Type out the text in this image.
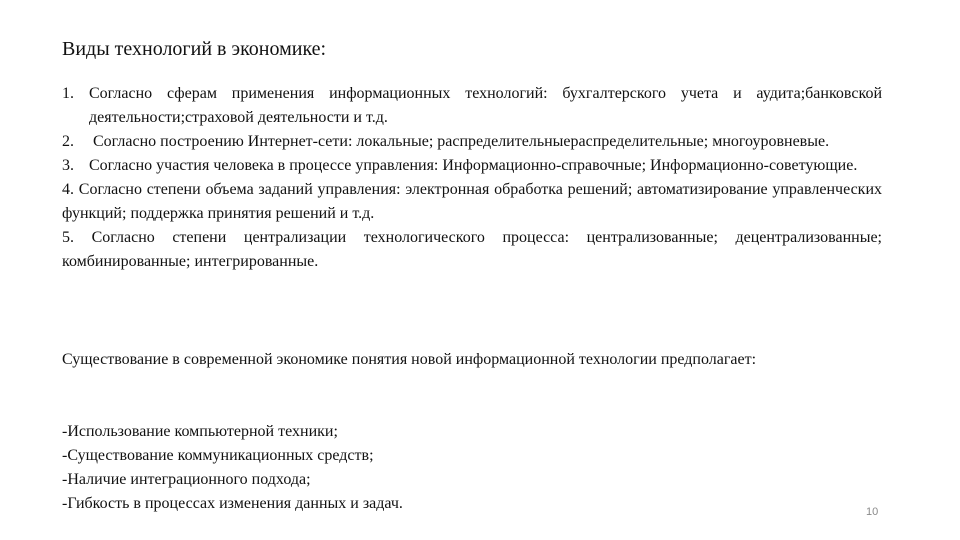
Виды технологий в экономике:

1. Согласно сферам применения информационных технологий: бухгалтерского учета и аудита;банковской деятельности;страховой деятельности и т.д.

2. Согласно построению Интернет-сети: локальные; распределительныераспределительные; многоуровневые.

3. Согласно участия человека в процессе управления: Информационно-справочные; Информационно-советующие.

4. Согласно степени объема заданий управления: электронная обработка решений; автоматизирование управленческих функций; поддержка принятия решений и т.д.

5. Согласно степени централизации технологического процесса: централизованные; децентрализованные; комбинированные; интегрированные.

Существование в современной экономике понятия новой информационной технологии предполагает:

-Использование компьютерной техники;
-Существование коммуникационных средств;
-Наличие интеграционного подхода;
-Гибкость в процессах изменения данных и задач.	10
